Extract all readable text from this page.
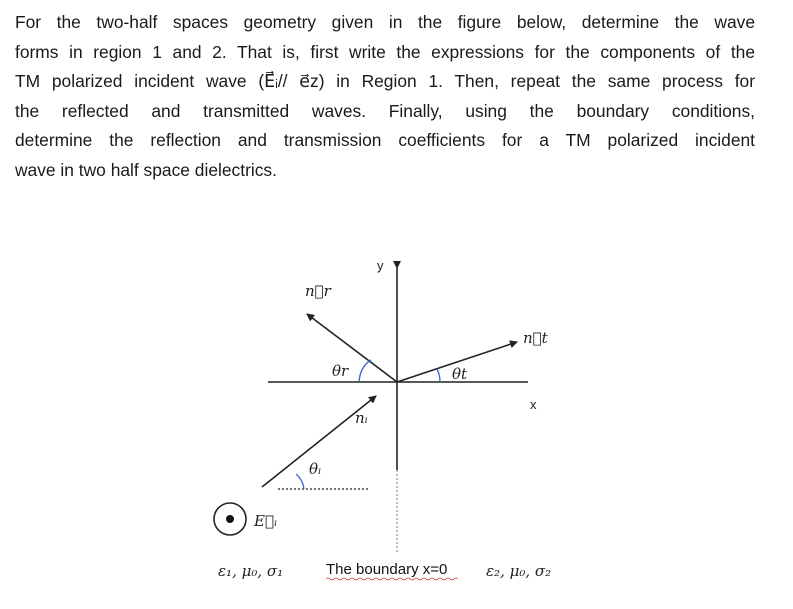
For the two-half spaces geometry given in the figure below, determine the wave
forms in region 1 and 2. That is, first write the expressions for the components of the
TM polarized incident wave (E⃗ᵢ// e⃗z) in Region 1. Then, repeat the same process for
the reflected and transmitted waves. Finally, using the boundary conditions,
determine the reflection and transmission coefficients for a TM polarized incident
wave in two half space dielectrics.
y
x
n⃗r
n⃗t
nᵢ
θr	θt
θᵢ
E⃗ᵢ
ε₁, μ₀, σ₁	The boundary x=0	ε₂, μ₀, σ₂
